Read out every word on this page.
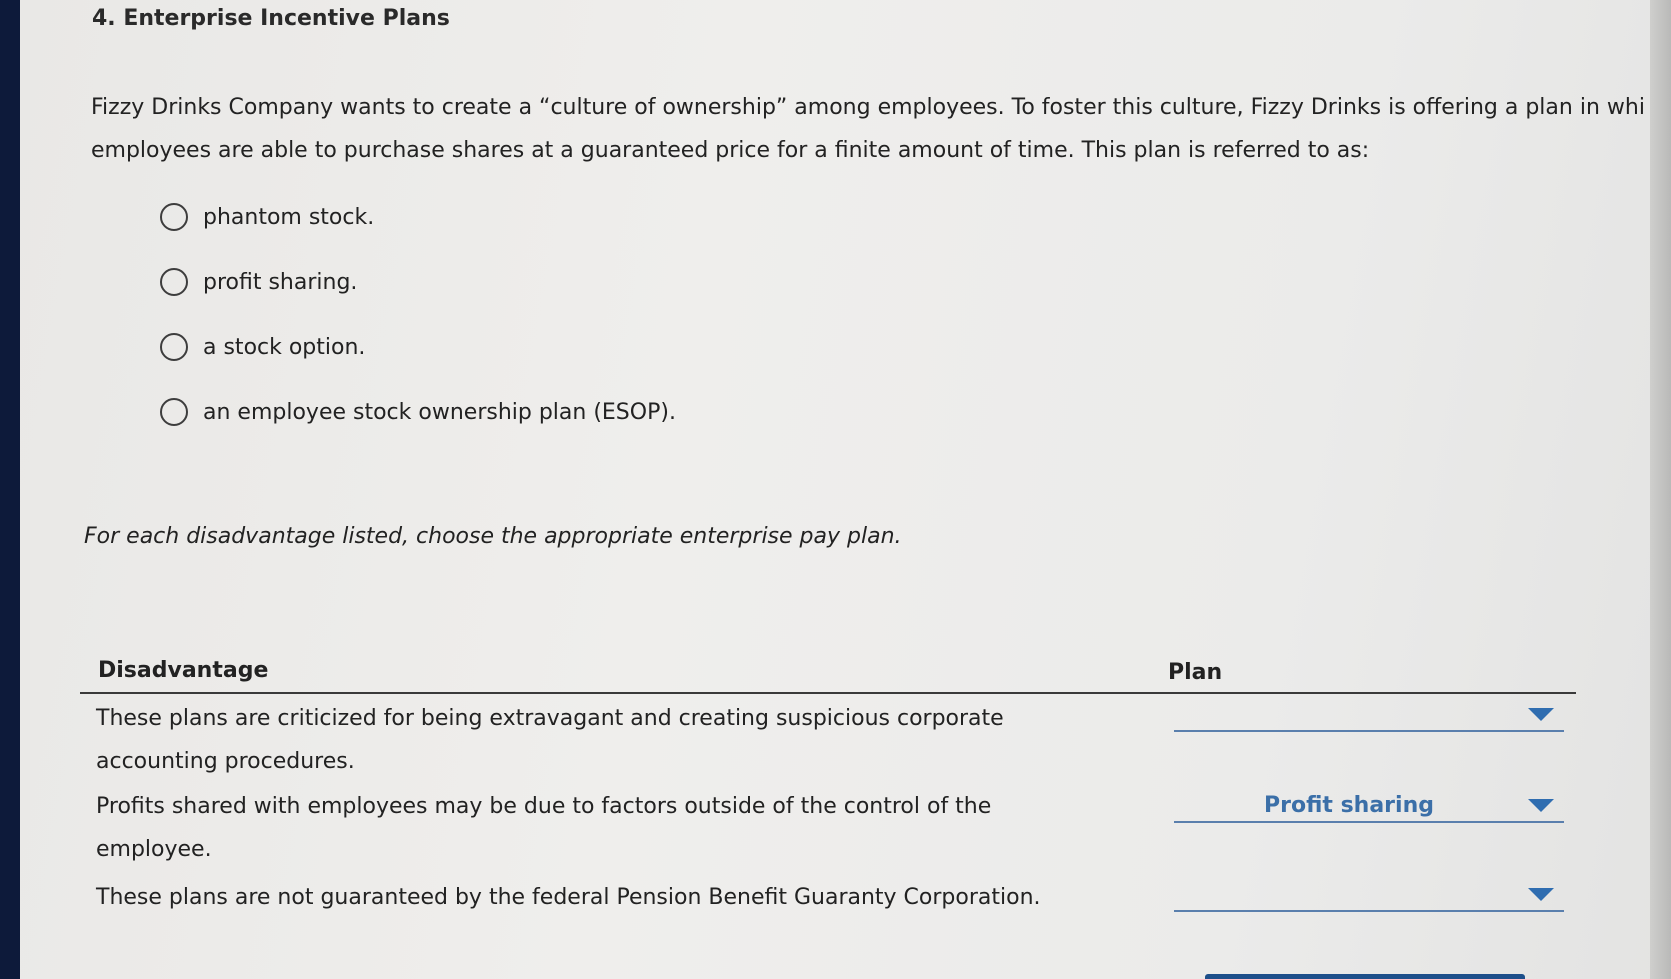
4. Enterprise Incentive Plans
Fizzy Drinks Company wants to create a “culture of ownership” among employees. To foster this culture, Fizzy Drinks is offering a plan in whi
employees are able to purchase shares at a guaranteed price for a finite amount of time. This plan is referred to as:
phantom stock.
profit sharing.
a stock option.
an employee stock ownership plan (ESOP).
For each disadvantage listed, choose the appropriate enterprise pay plan.
Disadvantage	Plan
These plans are criticized for being extravagant and creating suspicious corporate
accounting procedures.
Profits shared with employees may be due to factors outside of the control of the
employee.
Profit sharing
These plans are not guaranteed by the federal Pension Benefit Guaranty Corporation.
